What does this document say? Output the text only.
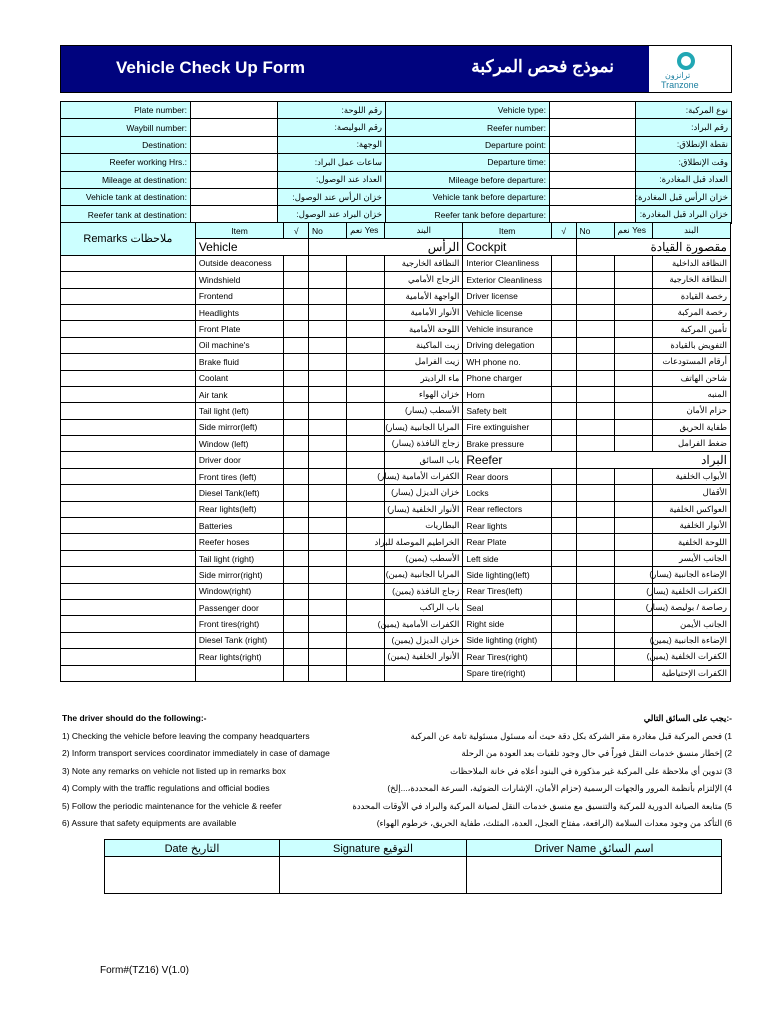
Vehicle Check Up Form	نموذج فحص المركبة	ترانزون
Tranzone
Plate number:		رقم اللوحة:	Vehicle type:		نوع المركبة:
Waybill number:		رقم البوليصة:	Reefer number:		رقم البراد:
Destination:		الوجهة:	Departure point:		نقطة الإنطلاق:
Reefer working Hrs.:		ساعات عمل البراد:	Departure time:		وقت الإنطلاق:
Mileage at destination:		العداد عند الوصول:	Mileage before departure:		العداد قبل المغادرة:
Vehicle tank at destination:		خزان الرأس عند الوصول:	Vehicle tank before departure:		خزان الرأس قبل المغادرة:
Reefer tank at destination:		خزان البراد عند الوصول:	Reefer tank before departure:		خزان البراد قبل المغادرة:
Remarks ملاحظات	Item	√	No	نعم Yes	البند	Item	√	No	نعم Yes	البند
	Vehicle		الرأس			Cockpit		مقصورة القيادة		
	Outside deaconess				النظافة الخارجية	Interior Cleanliness				النظافة الداخلية
	Windshield				الزجاج الأمامي	Exterior Cleanliness				النظافة الخارجية
	Frontend				الواجهة الأمامية	Driver license				رخصة القيادة
	Headlights				الأنوار الأمامية	Vehicle license				رخصة المركبة
	Front Plate				اللوحة الأمامية	Vehicle insurance				تأمين المركبة
	Oil machine's				زيت الماكينة	Driving delegation				التفويض بالقيادة
	Brake fluid				زيت الفرامل	WH phone no.				أرقام المستودعات
	Coolant				ماء الراديتر	Phone charger				شاحن الهاتف
	Air tank				خزان الهواء	Horn				المنبه
	Tail light (left)				الأسطب (يسار)	Safety belt				حزام الأمان
	Side mirror(left)				المرايا الجانبية (يسار)	Fire extinguisher				طفاية الحريق
	Window (left)				زجاج النافذة (يسار)	Brake pressure				ضغط الفرامل
	Driver door				باب السائق	Reefer		البراد		
	Front tires (left)				الكفرات الأمامية (يسار)	Rear doors				الأبواب الخلفية
	Diesel Tank(left)				خزان الديزل (يسار)	Locks				الأقفال
	Rear lights(left)				الأنوار الخلفية (يسار)	Rear reflectors				العواكس الخلفية
	Batteries				البطاريات	Rear lights				الأنوار الخلفية
	Reefer hoses				الخراطيم الموصلة للبراد	Rear Plate				اللوحة الخلفية
	Tail light (right)				الأسطب (يمين)	Left side				الجانب الأيسر
	Side mirror(right)				المرايا الجانبية (يمين)	Side lighting(left)				الإضاءة الجانبية (يسار)
	Window(right)				زجاج النافذة (يمين)	Rear Tires(left)				الكفرات الخلفية (يسار)
	Passenger door				باب الراكب	Seal				رصاصة / بوليصة (يسار)
	Front tires(right)				الكفرات الأمامية (يمين)	Right side				الجانب الأيمن
	Diesel Tank (right)				خزان الديزل (يمين)	Side lighting (right)				الإضاءة الجانبية (يمين)
	Rear lights(right)				الأنوار الخلفية (يمين)	Rear Tires(right)				الكفرات الخلفية (يمين)
						Spare tire(right)				الكفرات الإحتياطية
The driver should do the following:-	-:يجب على السائق التالي
1) Checking the vehicle before leaving the company headquarters	1) فحص المركبة قبل مغادرة مقر الشركة بكل دقة حيث أنه مسئول مسئولية تامة عن المركبة
2) Inform transport services coordinator immediately in case of damage	2) إخطار منسق خدمات النقل فوراً في حال وجود تلفيات بعد العودة من الرحلة
3) Note any remarks on vehicle not listed up in remarks box	3) تدوين أي ملاحظة على المركبة غير مذكورة في البنود أعلاه في خانة الملاحظات
4) Comply with the traffic regulations and official bodies	4) الإلتزام بأنظمة المرور والجهات الرسمية (حزام الأمان، الإشارات الضوئية، السرعة المحددة،...إلخ)
5) Follow the periodic maintenance for the vehicle & reefer	5) متابعة الصيانة الدورية للمركبة والتنسيق مع منسق خدمات النقل لصيانة المركبة والبراد في الأوقات المحددة
6) Assure that safety equipments are available	6) التأكد من وجود معدات السلامة (الرافعة، مفتاح العجل، العدة، المثلث، طفاية الحريق، خرطوم الهواء)
Date التاريخ	Signature التوقيع	Driver Name اسم السائق

Form#(TZ16) V(1.0)
